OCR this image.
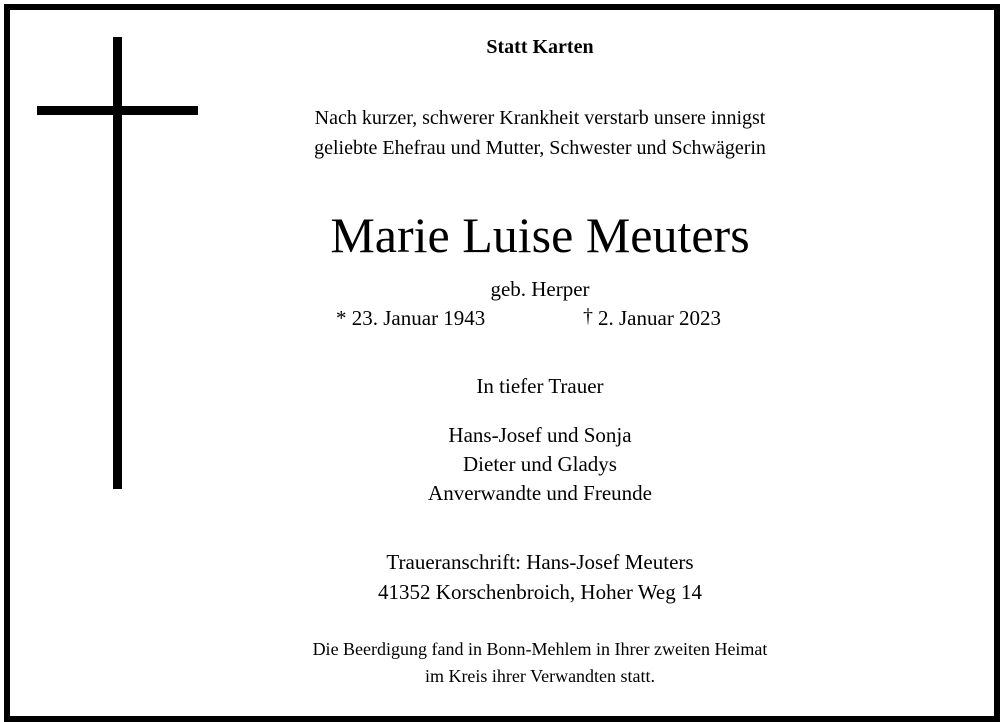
Statt Karten
Nach kurzer, schwerer Krankheit verstarb unsere innigst
geliebte Ehefrau und Mutter, Schwester und Schwägerin
Marie Luise Meuters
geb. Herper
* 23. Januar 1943	† 2. Januar 2023
In tiefer Trauer
Hans-Josef und Sonja
Dieter und Gladys
Anverwandte und Freunde
Traueranschrift: Hans-Josef Meuters
41352 Korschenbroich, Hoher Weg 14
Die Beerdigung fand in Bonn-Mehlem in Ihrer zweiten Heimat
im Kreis ihrer Verwandten statt.
